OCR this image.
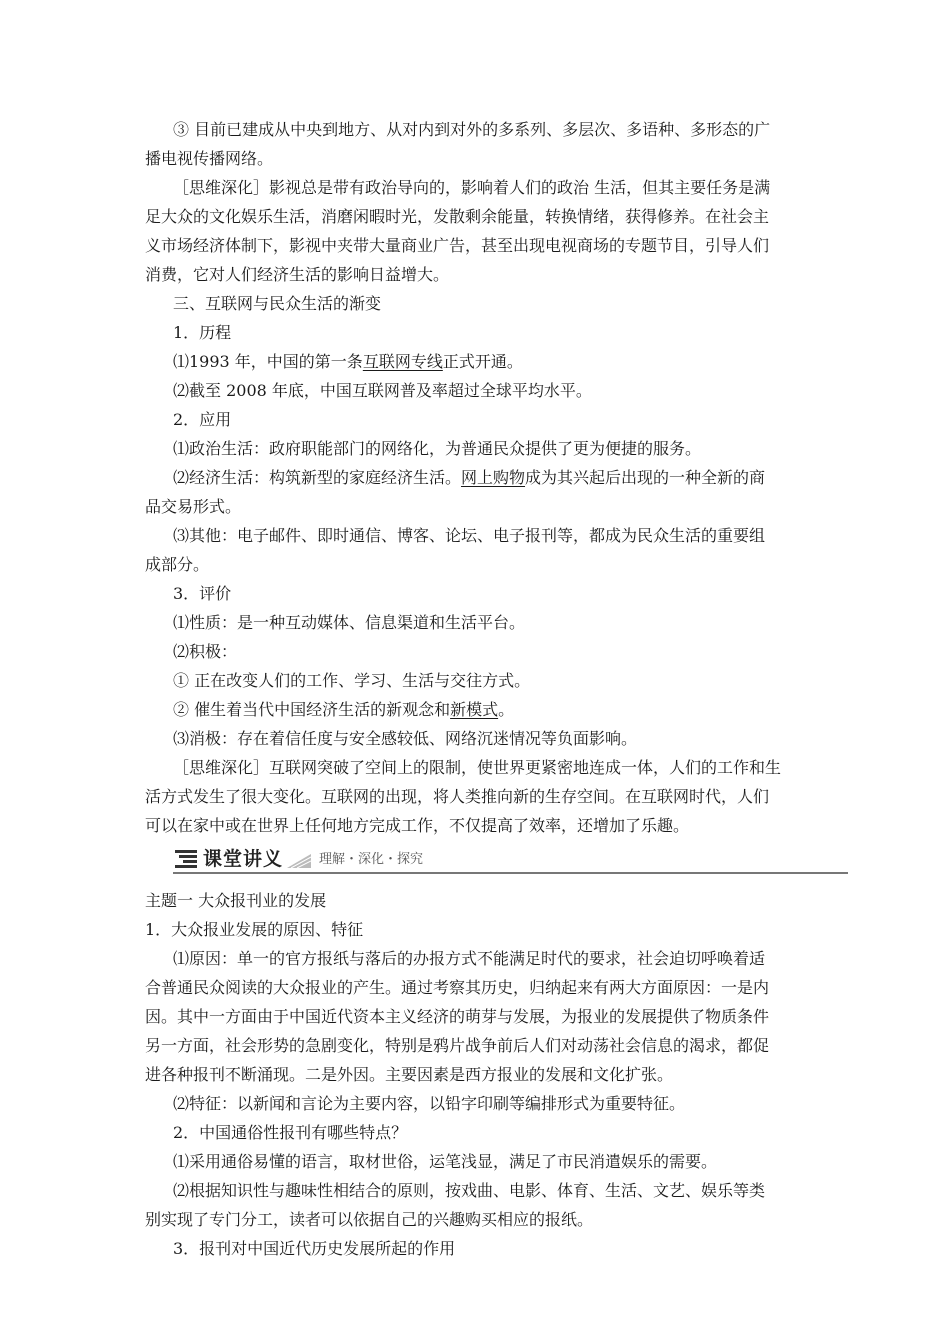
③ 目前已建成从中央到地方、从对内到对外的多系列、多层次、多语种、多形态的广
播电视传播网络。
［思维深化］影视总是带有政治导向的，影响着人们的政治 生活，但其主要任务是满
足大众的文化娱乐生活，消磨闲暇时光，发散剩余能量，转换情绪，获得修养。在社会主
义市场经济体制下，影视中夹带大量商业广告，甚至出现电视商场的专题节目，引导人们
消费，它对人们经济生活的影响日益增大。
三、互联网与民众生活的渐变
1．历程
⑴1993 年，中国的第一条互联网专线正式开通。
⑵截至 2008 年底，中国互联网普及率超过全球平均水平。
2．应用
⑴政治生活：政府职能部门的网络化，为普通民众提供了更为便捷的服务。
⑵经济生活：构筑新型的家庭经济生活。网上购物成为其兴起后出现的一种全新的商
品交易形式。
⑶其他：电子邮件、即时通信、博客、论坛、电子报刊等，都成为民众生活的重要组
成部分。
3．评价
⑴性质：是一种互动媒体、信息渠道和生活平台。
⑵积极：
① 正在改变人们的工作、学习、生活与交往方式。
② 催生着当代中国经济生活的新观念和新模式。
⑶消极：存在着信任度与安全感较低、网络沉迷情况等负面影响。
［思维深化］互联网突破了空间上的限制，使世界更紧密地连成一体，人们的工作和生
活方式发生了很大变化。互联网的出现，将人类推向新的生存空间。在互联网时代，人们
可以在家中或在世界上任何地方完成工作，不仅提高了效率，还增加了乐趣。
课堂讲义	理解・深化・探究
主题一 大众报刊业的发展
1．大众报业发展的原因、特征
⑴原因：单一的官方报纸与落后的办报方式不能满足时代的要求，社会迫切呼唤着适
合普通民众阅读的大众报业的产生。通过考察其历史，归纳起来有两大方面原因：一是内
因。其中一方面由于中国近代资本主义经济的萌芽与发展，为报业的发展提供了物质条件
另一方面，社会形势的急剧变化，特别是鸦片战争前后人们对动荡社会信息的渴求，都促
进各种报刊不断涌现。二是外因。主要因素是西方报业的发展和文化扩张。
⑵特征：以新闻和言论为主要内容，以铅字印刷等编排形式为重要特征。
2．中国通俗性报刊有哪些特点？
⑴采用通俗易懂的语言，取材世俗，运笔浅显，满足了市民消遣娱乐的需要。
⑵根据知识性与趣味性相结合的原则，按戏曲、电影、体育、生活、文艺、娱乐等类
别实现了专门分工，读者可以依据自己的兴趣购买相应的报纸。
3．报刊对中国近代历史发展所起的作用
